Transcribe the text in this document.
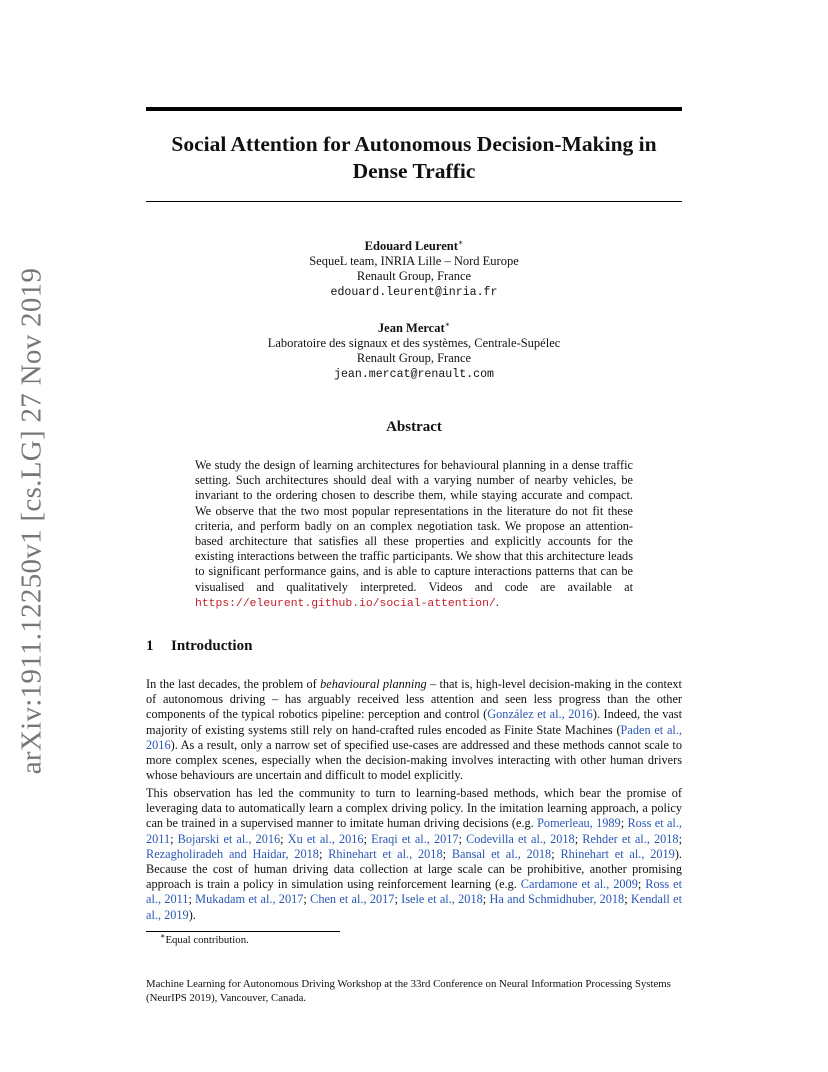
arXiv:1911.12250v1 [cs.LG] 27 Nov 2019
Social Attention for Autonomous Decision-Making in
Dense Traffic
Edouard Leurent∗
SequeL team, INRIA Lille – Nord Europe
Renault Group, France
edouard.leurent@inria.fr
Jean Mercat∗
Laboratoire des signaux et des systèmes, Centrale-Supélec
Renault Group, France
jean.mercat@renault.com
Abstract
We study the design of learning architectures for behavioural planning in a dense traffic setting. Such architectures should deal with a varying number of nearby vehicles, be invariant to the ordering chosen to describe them, while staying accurate and compact. We observe that the two most popular representations in the literature do not fit these criteria, and perform badly on an complex negotiation task. We propose an attention-based architecture that satisfies all these properties and explicitly accounts for the existing interactions between the traffic participants. We show that this architecture leads to significant performance gains, and is able to capture interactions patterns that can be visualised and qualitatively interpreted. Videos and code are available at https://eleurent.github.io/social-attention/.
1 Introduction
In the last decades, the problem of behavioural planning – that is, high-level decision-making in the context of autonomous driving – has arguably received less attention and seen less progress than the other components of the typical robotics pipeline: perception and control (González et al., 2016). Indeed, the vast majority of existing systems still rely on hand-crafted rules encoded as Finite State Machines (Paden et al., 2016). As a result, only a narrow set of specified use-cases are addressed and these methods cannot scale to more complex scenes, especially when the decision-making involves interacting with other human drivers whose behaviours are uncertain and difficult to model explicitly.
This observation has led the community to turn to learning-based methods, which bear the promise of leveraging data to automatically learn a complex driving policy. In the imitation learning approach, a policy can be trained in a supervised manner to imitate human driving decisions (e.g. Pomerleau, 1989; Ross et al., 2011; Bojarski et al., 2016; Xu et al., 2016; Eraqi et al., 2017; Codevilla et al., 2018; Rehder et al., 2018; Rezagholiradeh and Haidar, 2018; Rhinehart et al., 2018; Bansal et al., 2018; Rhinehart et al., 2019). Because the cost of human driving data collection at large scale can be prohibitive, another promising approach is train a policy in simulation using reinforcement learning (e.g. Cardamone et al., 2009; Ross et al., 2011; Mukadam et al., 2017; Chen et al., 2017; Isele et al., 2018; Ha and Schmidhuber, 2018; Kendall et al., 2019).
∗Equal contribution.
Machine Learning for Autonomous Driving Workshop at the 33rd Conference on Neural Information Processing Systems (NeurIPS 2019), Vancouver, Canada.
